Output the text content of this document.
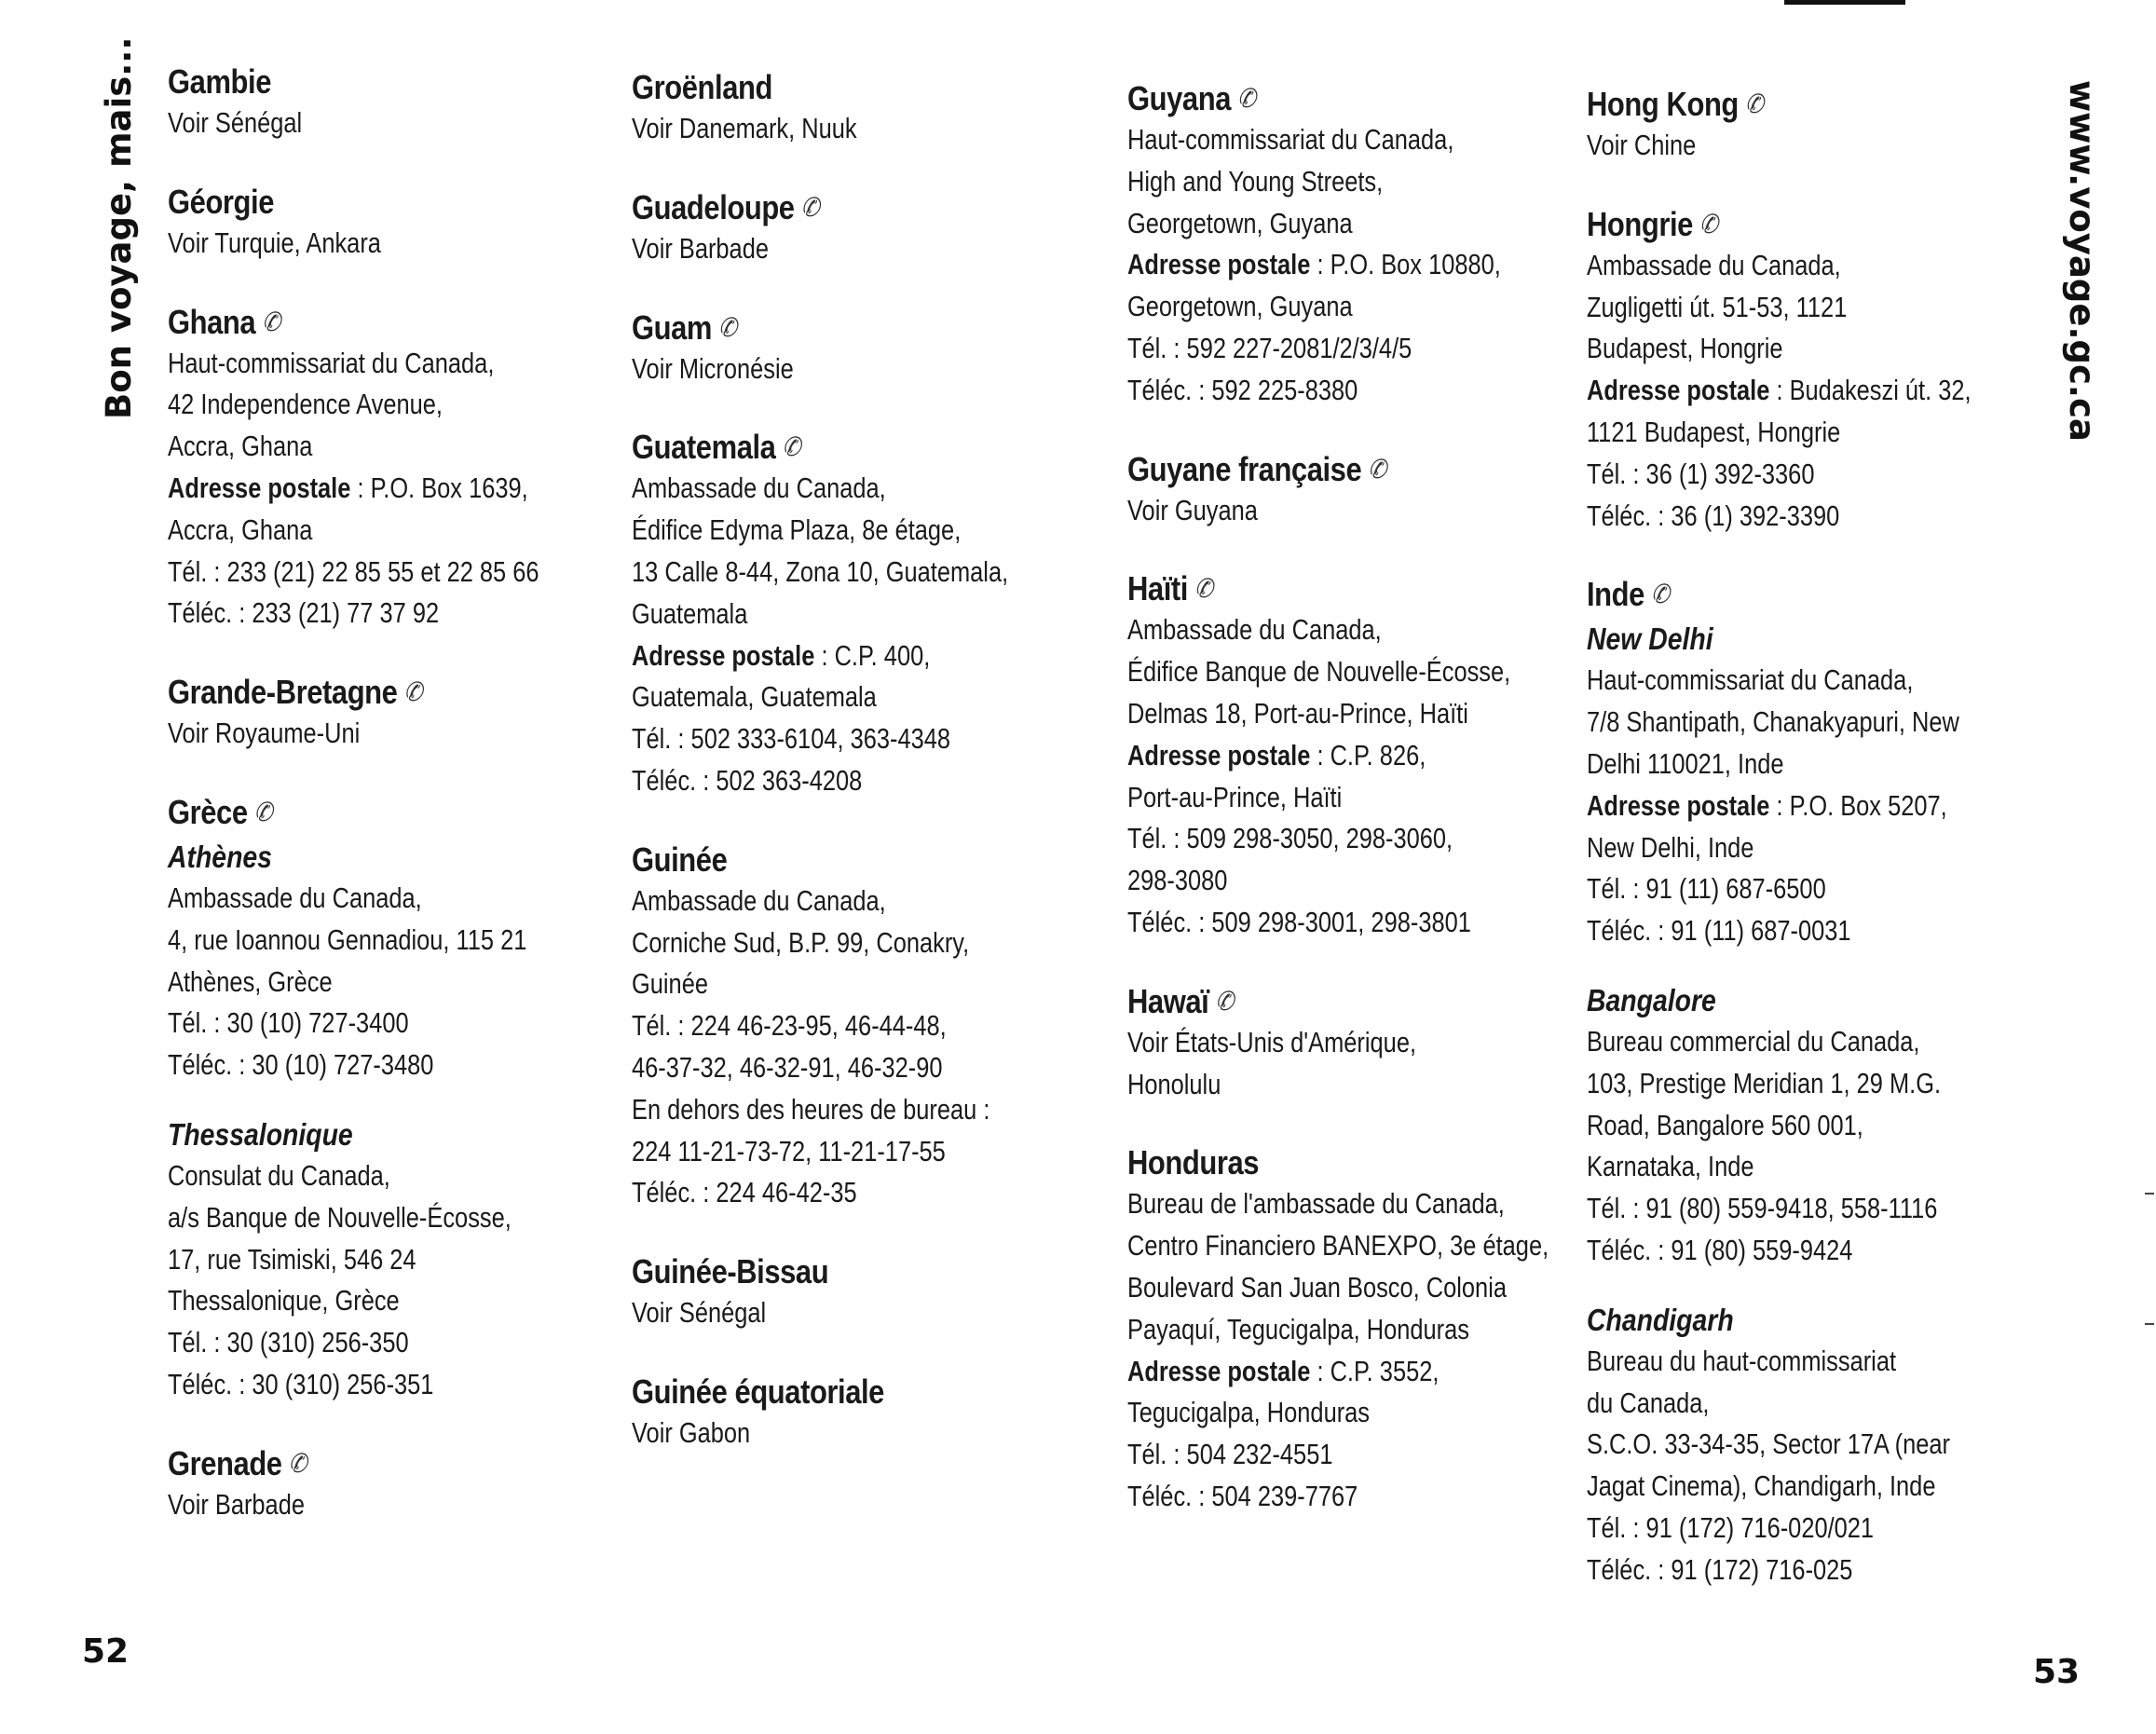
Bon voyage, mais...	www.voyage.gc.ca
Gambie
Voir Sénégal
Géorgie
Voir Turquie, Ankara
Ghana ✆
Haut-commissariat du Canada,
42 Independence Avenue,
Accra, Ghana
Adresse postale : P.O. Box 1639,
Accra, Ghana
Tél. : 233 (21) 22 85 55 et 22 85 66
Téléc. : 233 (21) 77 37 92
Grande-Bretagne ✆
Voir Royaume-Uni
Grèce ✆
Athènes
Ambassade du Canada,
4, rue Ioannou Gennadiou, 115 21
Athènes, Grèce
Tél. : 30 (10) 727-3400
Téléc. : 30 (10) 727-3480
Thessalonique
Consulat du Canada,
a/s Banque de Nouvelle-Écosse,
17, rue Tsimiski, 546 24
Thessalonique, Grèce
Tél. : 30 (310) 256-350
Téléc. : 30 (310) 256-351
Grenade ✆
Voir Barbade
Groënland
Voir Danemark, Nuuk
Guadeloupe ✆
Voir Barbade
Guam ✆
Voir Micronésie
Guatemala ✆
Ambassade du Canada,
Édifice Edyma Plaza, 8e étage,
13 Calle 8-44, Zona 10, Guatemala,
Guatemala
Adresse postale : C.P. 400,
Guatemala, Guatemala
Tél. : 502 333-6104, 363-4348
Téléc. : 502 363-4208
Guinée
Ambassade du Canada,
Corniche Sud, B.P. 99, Conakry,
Guinée
Tél. : 224 46-23-95, 46-44-48,
46-37-32, 46-32-91, 46-32-90
En dehors des heures de bureau :
224 11-21-73-72, 11-21-17-55
Téléc. : 224 46-42-35
Guinée-Bissau
Voir Sénégal
Guinée équatoriale
Voir Gabon
Guyana ✆
Haut-commissariat du Canada,
High and Young Streets,
Georgetown, Guyana
Adresse postale : P.O. Box 10880,
Georgetown, Guyana
Tél. : 592 227-2081/2/3/4/5
Téléc. : 592 225-8380
Guyane française ✆
Voir Guyana
Haïti ✆
Ambassade du Canada,
Édifice Banque de Nouvelle-Écosse,
Delmas 18, Port-au-Prince, Haïti
Adresse postale : C.P. 826,
Port-au-Prince, Haïti
Tél. : 509 298-3050, 298-3060,
298-3080
Téléc. : 509 298-3001, 298-3801
Hawaï ✆
Voir États-Unis d'Amérique,
Honolulu
Honduras
Bureau de l'ambassade du Canada,
Centro Financiero BANEXPO, 3e étage,
Boulevard San Juan Bosco, Colonia
Payaquí, Tegucigalpa, Honduras
Adresse postale : C.P. 3552,
Tegucigalpa, Honduras
Tél. : 504 232-4551
Téléc. : 504 239-7767
Hong Kong ✆
Voir Chine
Hongrie ✆
Ambassade du Canada,
Zugligetti út. 51-53, 1121
Budapest, Hongrie
Adresse postale : Budakeszi út. 32,
1121 Budapest, Hongrie
Tél. : 36 (1) 392-3360
Téléc. : 36 (1) 392-3390
Inde ✆
New Delhi
Haut-commissariat du Canada,
7/8 Shantipath, Chanakyapuri, New
Delhi 110021, Inde
Adresse postale : P.O. Box 5207,
New Delhi, Inde
Tél. : 91 (11) 687-6500
Téléc. : 91 (11) 687-0031
Bangalore
Bureau commercial du Canada,
103, Prestige Meridian 1, 29 M.G.
Road, Bangalore 560 001,
Karnataka, Inde
Tél. : 91 (80) 559-9418, 558-1116
Téléc. : 91 (80) 559-9424
Chandigarh
Bureau du haut-commissariat
du Canada,
S.C.O. 33-34-35, Sector 17A (near
Jagat Cinema), Chandigarh, Inde
Tél. : 91 (172) 716-020/021
Téléc. : 91 (172) 716-025
52
53
